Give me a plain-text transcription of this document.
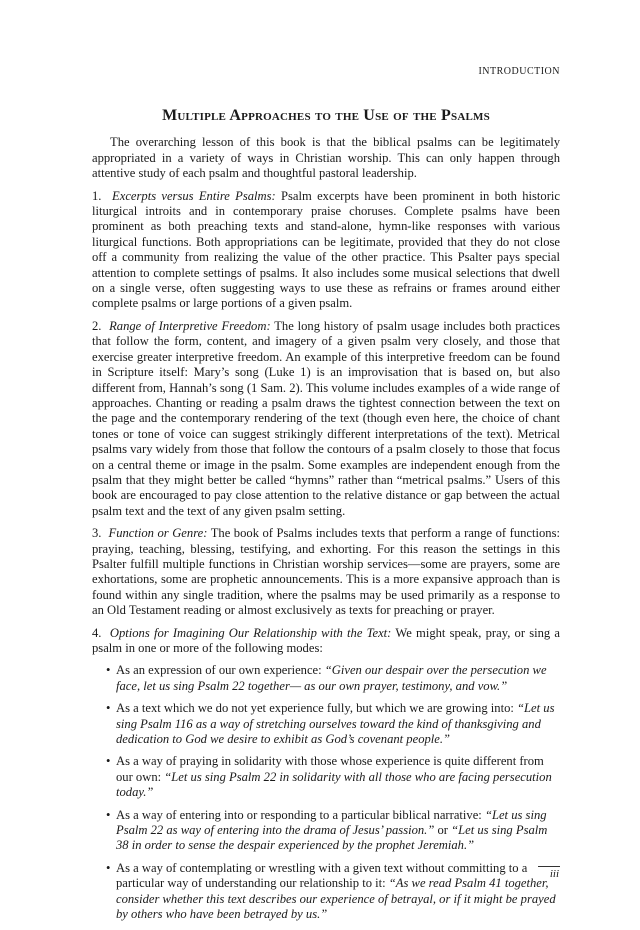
INTRODUCTION
Multiple Approaches to the Use of the Psalms

The overarching lesson of this book is that the biblical psalms can be legitimately appropriated in a variety of ways in Christian worship. This can only happen through attentive study of each psalm and thoughtful pastoral leadership.

1. Excerpts versus Entire Psalms: Psalm excerpts have been prominent in both historic liturgical introits and in contemporary praise choruses. Complete psalms have been prominent as both preaching texts and stand-alone, hymn-like responses with various liturgical functions. Both appropriations can be legitimate, provided that they do not close off a community from realizing the value of the other practice. This Psalter pays special attention to complete settings of psalms. It also includes some musical selections that dwell on a single verse, often suggesting ways to use these as refrains or frames around either complete psalms or large portions of a given psalm.

2. Range of Interpretive Freedom: The long history of psalm usage includes both practices that follow the form, content, and imagery of a given psalm very closely, and those that exercise greater interpretive freedom. An example of this interpretive freedom can be found in Scripture itself: Mary’s song (Luke 1) is an improvisation that is based on, but also different from, Hannah’s song (1 Sam. 2). This volume includes examples of a wide range of approaches. Chanting or reading a psalm draws the tightest connection between the text on the page and the contemporary rendering of the text (though even here, the choice of chant tones or tone of voice can suggest strikingly different interpretations of the text). Metrical psalms vary widely from those that follow the contours of a psalm closely to those that focus on a central theme or image in the psalm. Some examples are independent enough from the psalm that they might better be called “hymns” rather than “metrical psalms.” Users of this book are encouraged to pay close attention to the relative distance or gap between the actual psalm text and the text of any given psalm setting.

3. Function or Genre: The book of Psalms includes texts that perform a range of functions: praying, teaching, blessing, testifying, and exhorting. For this reason the settings in this Psalter fulfill multiple functions in Christian worship services—some are prayers, some are exhortations, some are prophetic announcements. This is a more expansive approach than is found within any single tradition, where the psalms may be used primarily as a response to an Old Testament reading or almost exclusively as texts for preaching or prayer.

4. Options for Imagining Our Relationship with the Text: We might speak, pray, or sing a psalm in one or more of the following modes:

• As an expression of our own experience: “Given our despair over the persecution we face, let us sing Psalm 22 together— as our own prayer, testimony, and vow.”
• As a text which we do not yet experience fully, but which we are growing into: “Let us sing Psalm 116 as a way of stretching ourselves toward the kind of thanksgiving and dedication to God we desire to exhibit as God’s covenant people.”
• As a way of praying in solidarity with those whose experience is quite different from our own: “Let us sing Psalm 22 in solidarity with all those who are facing persecution today.”
• As a way of entering into or responding to a particular biblical narrative: “Let us sing Psalm 22 as way of entering into the drama of Jesus’ passion.” or “Let us sing Psalm 38 in order to sense the despair experienced by the prophet Jeremiah.”
• As a way of contemplating or wrestling with a given text without committing to a particular way of understanding our relationship to it: “As we read Psalm 41 together, consider whether this text describes our experience of betrayal, or if it might be prayed by others who have been betrayed by us.”
iii
